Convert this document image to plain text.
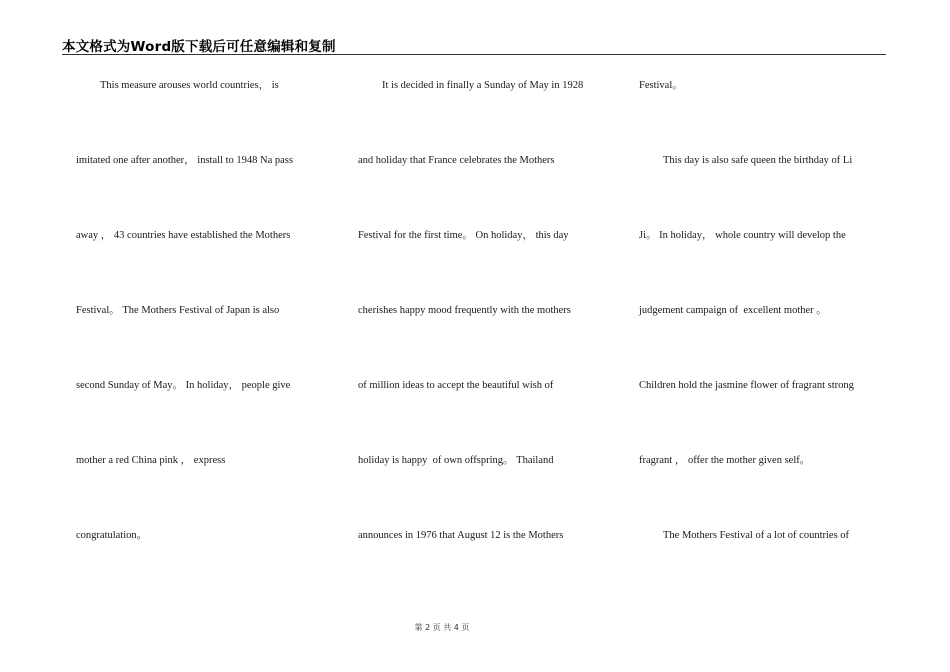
本文格式为Word版下载后可任意编辑和复制
This measure arouses world countries， is
imitated one after another， install to 1948 Na pass
away ， 43 countries have established the Mothers
Festival。 The Mothers Festival of Japan is also
second Sunday of May。 In holiday， people give
mother a red China pink ， express
congratulation。
It is decided in finally a Sunday of May in 1928
and holiday that France celebrates the Mothers
Festival for the first time。 On holiday， this day
cherishes happy mood frequently with the mothers
of million ideas to accept the beautiful wish of
holiday is happy  of own offspring。 Thailand
announces in 1976 that August 12 is the Mothers
Festival。
This day is also safe queen the birthday of Li
Ji。 In holiday， whole country will develop the
judgement campaign of  excellent mother 。
Children hold the jasmine flower of fragrant strong
fragrant ， offer the mother given self。
The Mothers Festival of a lot of countries of
第 2 页 共 4 页
